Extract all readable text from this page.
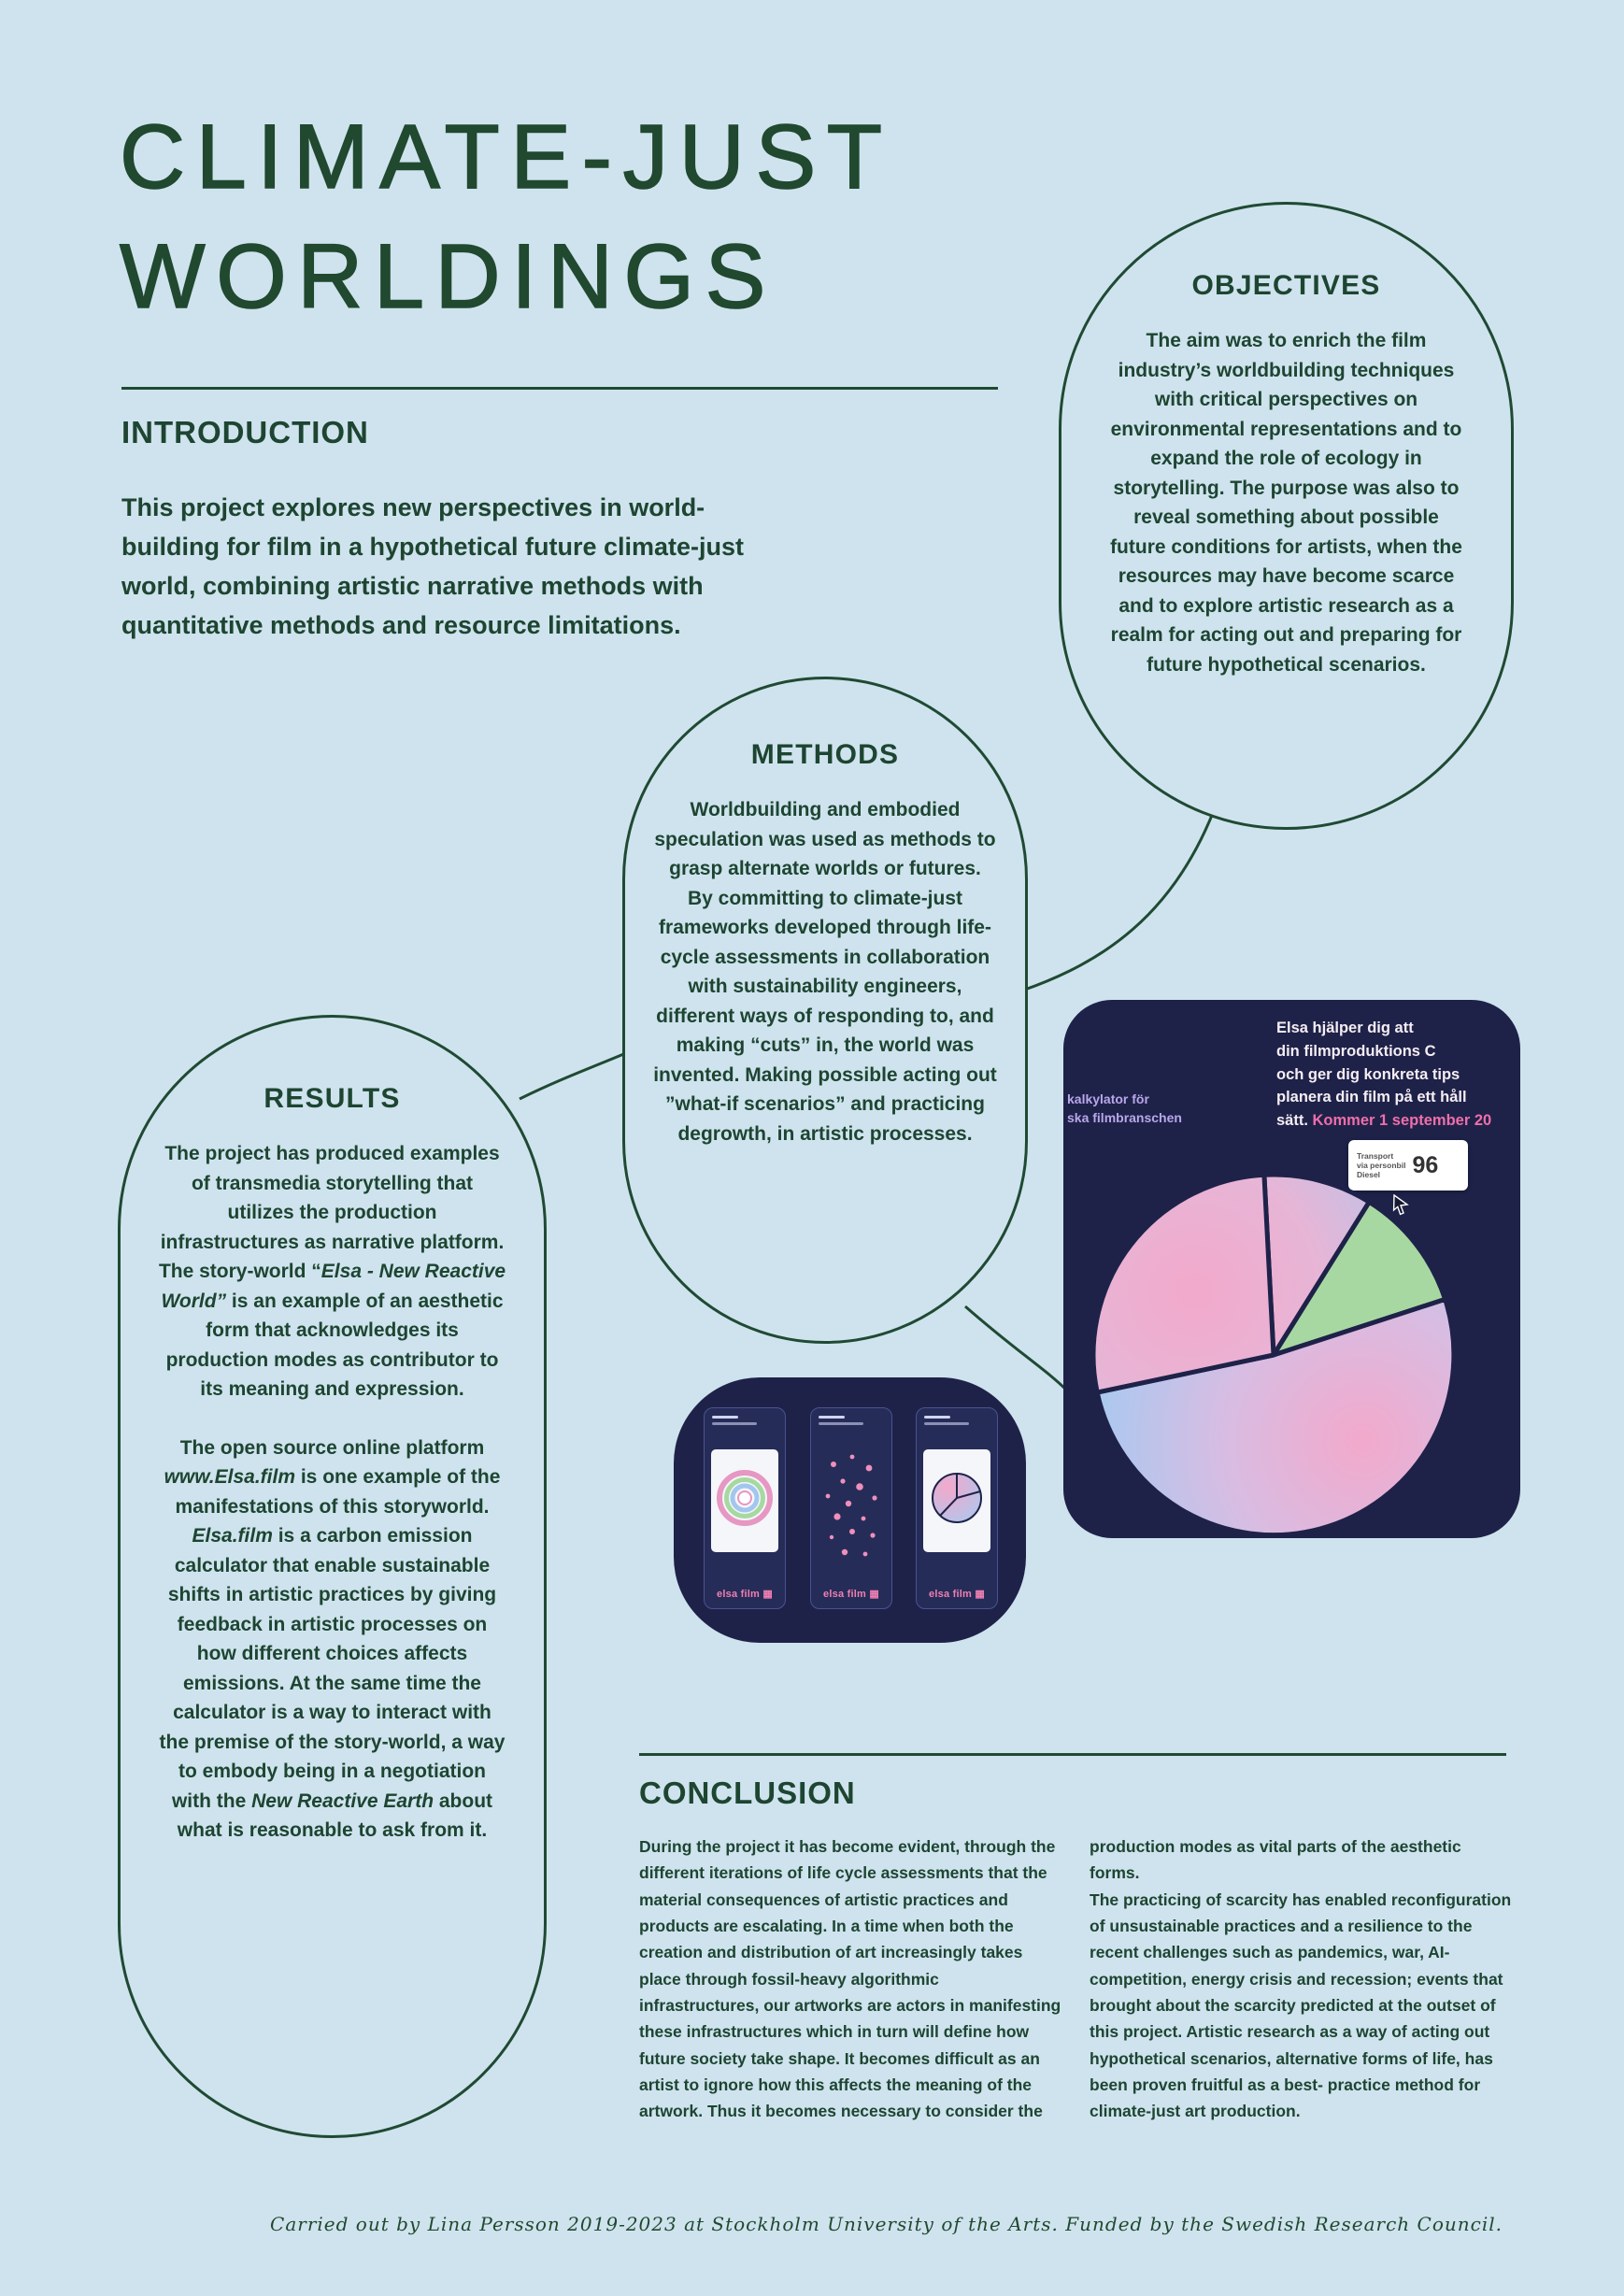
CLIMATE-JUST
WORLDINGS
INTRODUCTION

This project explores new perspectives in world-building for film in a hypothetical future climate-just world, combining artistic narrative methods with quantitative methods and resource limitations.

OBJECTIVES
The aim was to enrich the film industry’s worldbuilding techniques with critical perspectives on environmental representations and to expand the role of ecology in storytelling. The purpose was also to reveal something about possible future conditions for artists, when the resources may have become scarce and to explore artistic research as a realm for acting out and preparing for future hypothetical scenarios.
METHODS
Worldbuilding and embodied speculation was used as methods to grasp alternate worlds or futures.
By committing to climate-just frameworks developed through life-cycle assessments in collaboration with sustainability engineers, different ways of responding to, and making “cuts” in, the world was invented. Making possible acting out ”what-if scenarios” and practicing degrowth, in artistic processes.
RESULTS

The project has produced examples of transmedia storytelling that utilizes the production infrastructures as narrative platform. The story-world “Elsa - New Reactive World” is an example of an aesthetic form that acknowledges its production modes as contributor to its meaning and expression.

The open source online platform www.Elsa.film is one example of the manifestations of this storyworld. Elsa.film is a carbon emission calculator that enable sustainable shifts in artistic practices by giving feedback in artistic processes on how different choices affects emissions. At the same time the calculator is a way to interact with the premise of the story-world, a way to embody being in a negotiation with the New Reactive Earth about what is reasonable to ask from it.

kalkylator för
ska filmbranschen
Elsa hjälper dig att
din filmproduktions C
och ger dig konkreta tips
planera din film på ett håll
sätt. Kommer 1 september 20
Transport
via personbil
Diesel	96
elsa film ▦	elsa film ▦	elsa film ▦
CONCLUSION
During the project it has become evident, through the different iterations of life cycle assessments that the material consequences of artistic practices and products are escalating. In a time when both the creation and distribution of art increasingly takes place through fossil-heavy algorithmic infrastructures, our artworks are actors in manifesting these infrastructures which in turn will define how future society take shape. It becomes difficult as an artist to ignore how this affects the meaning of the artwork. Thus it becomes necessary to consider the
production modes as vital parts of the aesthetic forms.
The practicing of scarcity has enabled reconfiguration of unsustainable practices and a resilience to the recent challenges such as pandemics, war, AI-competition, energy crisis and recession; events that brought about the scarcity predicted at the outset of this project. Artistic research as a way of acting out hypothetical scenarios, alternative forms of life, has been proven fruitful as a best- practice method for climate-just art production.
Carried out by Lina Persson 2019-2023 at Stockholm University of the Arts. Funded by the Swedish Research Council.
